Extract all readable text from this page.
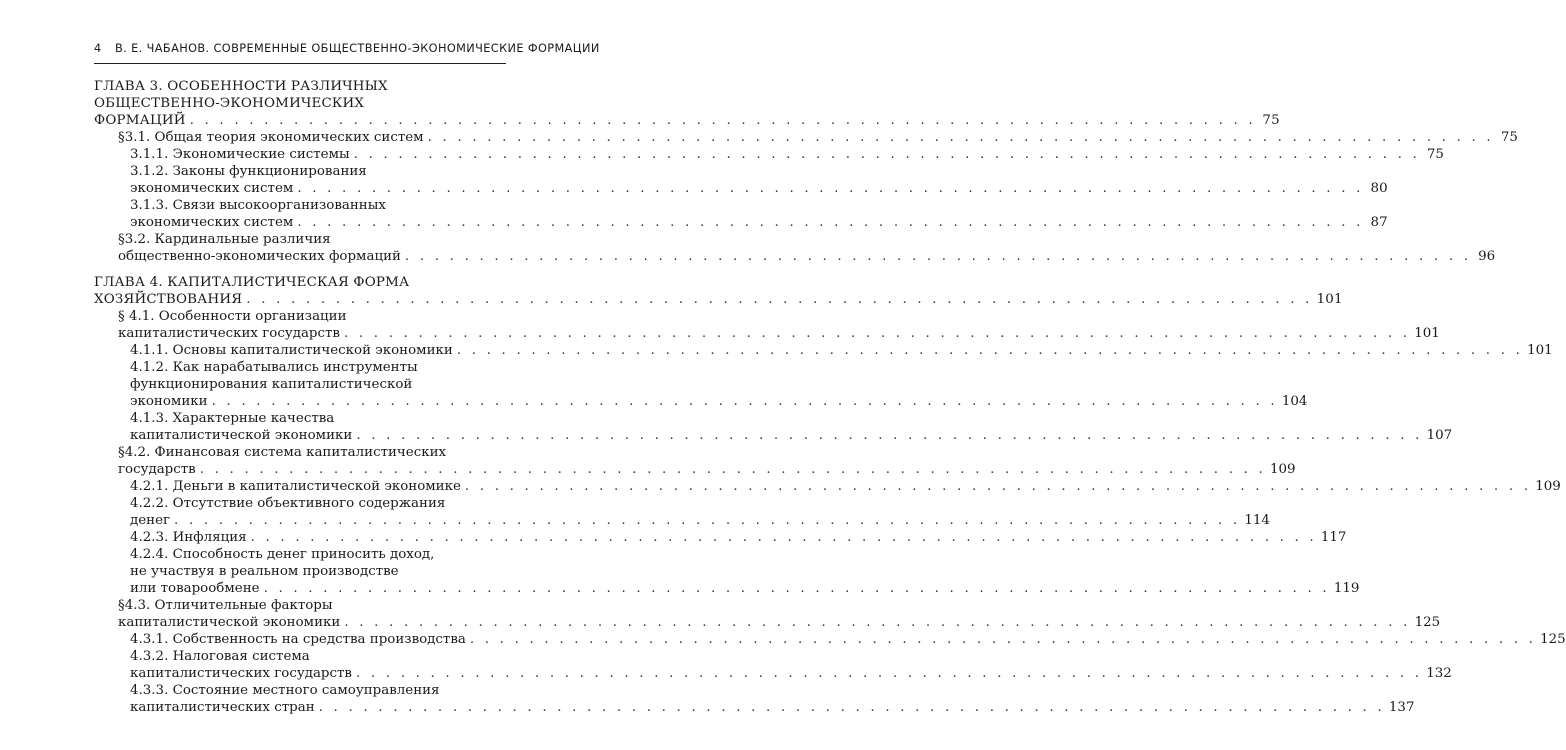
4 В. Е. ЧАБАНОВ. СОВРЕМЕННЫЕ ОБЩЕСТВЕННО-ЭКОНОМИЧЕСКИЕ ФОРМАЦИИ
ГЛАВА 3. ОСОБЕННОСТИ РАЗЛИЧНЫХ
ОБЩЕСТВЕННО-ЭКОНОМИЧЕСКИХ
ФОРМАЦИЙ . . . . . . . . . . . . . . . . . . . . . . . . . . . . . . . . . . . . . . . . . . . . . . . . . . . . . . . . . . . . . . . . . . . . . . . . 75
§3.1. Общая теория экономических систем . . . . . . . . . . . . . . . . . . . . . . . . . . . . . . . . . . . . . . . . . . . . . . . . . . . . . . . . . . . . . . . . . . . . . . . . 75
3.1.1. Экономические системы . . . . . . . . . . . . . . . . . . . . . . . . . . . . . . . . . . . . . . . . . . . . . . . . . . . . . . . . . . . . . . . . . . . . . . . . 75
3.1.2. Законы функционирования
экономических систем . . . . . . . . . . . . . . . . . . . . . . . . . . . . . . . . . . . . . . . . . . . . . . . . . . . . . . . . . . . . . . . . . . . . . . . . 80
3.1.3. Связи высокоорганизованных
экономических систем . . . . . . . . . . . . . . . . . . . . . . . . . . . . . . . . . . . . . . . . . . . . . . . . . . . . . . . . . . . . . . . . . . . . . . . . 87
§3.2. Кардинальные различия
общественно-экономических формаций . . . . . . . . . . . . . . . . . . . . . . . . . . . . . . . . . . . . . . . . . . . . . . . . . . . . . . . . . . . . . . . . . . . . . . . . 96
ГЛАВА 4. КАПИТАЛИСТИЧЕСКАЯ ФОРМА
ХОЗЯЙСТВОВАНИЯ . . . . . . . . . . . . . . . . . . . . . . . . . . . . . . . . . . . . . . . . . . . . . . . . . . . . . . . . . . . . . . . . . . . . . . . . 101
§ 4.1. Особенности организации
капиталистических государств . . . . . . . . . . . . . . . . . . . . . . . . . . . . . . . . . . . . . . . . . . . . . . . . . . . . . . . . . . . . . . . . . . . . . . . . 101
4.1.1. Основы капиталистической экономики . . . . . . . . . . . . . . . . . . . . . . . . . . . . . . . . . . . . . . . . . . . . . . . . . . . . . . . . . . . . . . . . . . . . . . . . 101
4.1.2. Как нарабатывались инструменты
функционирования капиталистической
экономики . . . . . . . . . . . . . . . . . . . . . . . . . . . . . . . . . . . . . . . . . . . . . . . . . . . . . . . . . . . . . . . . . . . . . . . . 104
4.1.3. Характерные качества
капиталистической экономики . . . . . . . . . . . . . . . . . . . . . . . . . . . . . . . . . . . . . . . . . . . . . . . . . . . . . . . . . . . . . . . . . . . . . . . . 107
§4.2. Финансовая система капиталистических
государств . . . . . . . . . . . . . . . . . . . . . . . . . . . . . . . . . . . . . . . . . . . . . . . . . . . . . . . . . . . . . . . . . . . . . . . . 109
4.2.1. Деньги в капиталистической экономике . . . . . . . . . . . . . . . . . . . . . . . . . . . . . . . . . . . . . . . . . . . . . . . . . . . . . . . . . . . . . . . . . . . . . . . . 109
4.2.2. Отсутствие объективного содержания
денег . . . . . . . . . . . . . . . . . . . . . . . . . . . . . . . . . . . . . . . . . . . . . . . . . . . . . . . . . . . . . . . . . . . . . . . . 114
4.2.3. Инфляция . . . . . . . . . . . . . . . . . . . . . . . . . . . . . . . . . . . . . . . . . . . . . . . . . . . . . . . . . . . . . . . . . . . . . . . . 117
4.2.4. Способность денег приносить доход,
не участвуя в реальном производстве
или товарообмене . . . . . . . . . . . . . . . . . . . . . . . . . . . . . . . . . . . . . . . . . . . . . . . . . . . . . . . . . . . . . . . . . . . . . . . . 119
§4.3. Отличительные факторы
капиталистической экономики . . . . . . . . . . . . . . . . . . . . . . . . . . . . . . . . . . . . . . . . . . . . . . . . . . . . . . . . . . . . . . . . . . . . . . . . 125
4.3.1. Собственность на средства производства . . . . . . . . . . . . . . . . . . . . . . . . . . . . . . . . . . . . . . . . . . . . . . . . . . . . . . . . . . . . . . . . . . . . . . . . 125
4.3.2. Налоговая система
капиталистических государств . . . . . . . . . . . . . . . . . . . . . . . . . . . . . . . . . . . . . . . . . . . . . . . . . . . . . . . . . . . . . . . . . . . . . . . . 132
4.3.3. Состояние местного самоуправления
капиталистических стран . . . . . . . . . . . . . . . . . . . . . . . . . . . . . . . . . . . . . . . . . . . . . . . . . . . . . . . . . . . . . . . . . . . . . . . . 137
